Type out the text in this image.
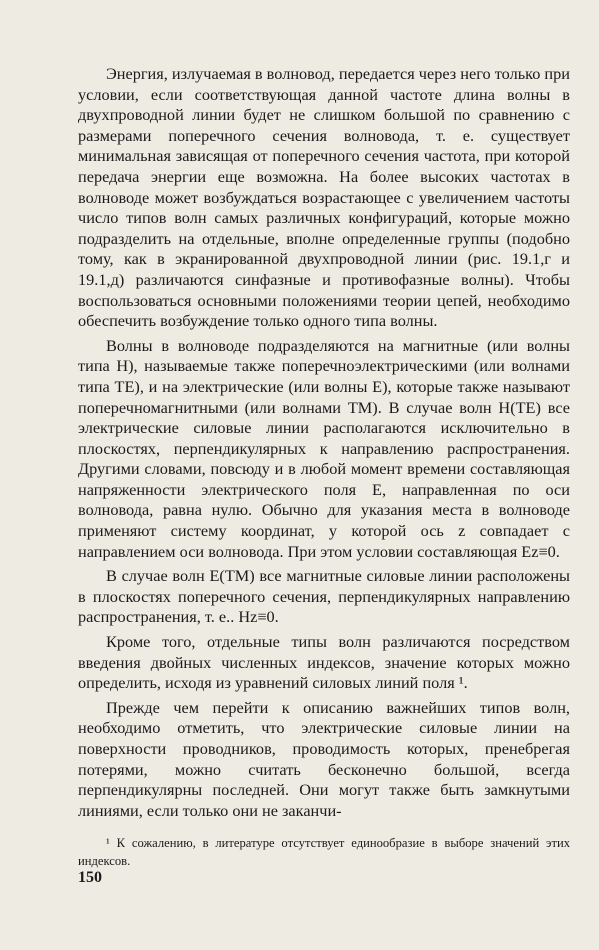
Энергия, излучаемая в волновод, передается через него только при условии, если соответствующая данной частоте длина волны в двухпроводной линии будет не слишком большой по сравнению с размерами поперечного сечения волновода, т. е. существует минимальная зависящая от поперечного сечения частота, при которой передача энергии еще возможна. На более высоких частотах в волноводе может возбуждаться возрастающее с увеличением частоты число типов волн самых различных конфигураций, которые можно подразделить на отдельные, вполне определенные группы (подобно тому, как в экранированной двухпроводной линии (рис. 19.1,г и 19.1,д) различаются синфазные и противофазные волны). Чтобы воспользоваться основными положениями теории цепей, необходимо обеспечить возбуждение только одного типа волны.

Волны в волноводе подразделяются на магнитные (или волны типа H), называемые также поперечноэлектрическими (или волнами типа TE), и на электрические (или волны E), которые также называют поперечномагнитными (или волнами TM). В случае волн H(TE) все электрические силовые линии располагаются исключительно в плоскостях, перпендикулярных к направлению распространения. Другими словами, повсюду и в любой момент времени составляющая напряженности электрического поля E, направленная по оси волновода, равна нулю. Обычно для указания места в волноводе применяют систему координат, у которой ось z совпадает с направлением оси волновода. При этом условии составляющая Ez≡0.

В случае волн E(TM) все магнитные силовые линии расположены в плоскостях поперечного сечения, перпендикулярных направлению распространения, т. е.. Hz≡0.

Кроме того, отдельные типы волн различаются посредством введения двойных численных индексов, значение которых можно определить, исходя из уравнений силовых линий поля ¹.

Прежде чем перейти к описанию важнейших типов волн, необходимо отметить, что электрические силовые линии на поверхности проводников, проводимость которых, пренебрегая потерями, можно считать бесконечно большой, всегда перпендикулярны последней. Они могут также быть замкнутыми линиями, если только они не заканчи-

¹ К сожалению, в литературе отсутствует единообразие в выборе значений этих индексов.

150
